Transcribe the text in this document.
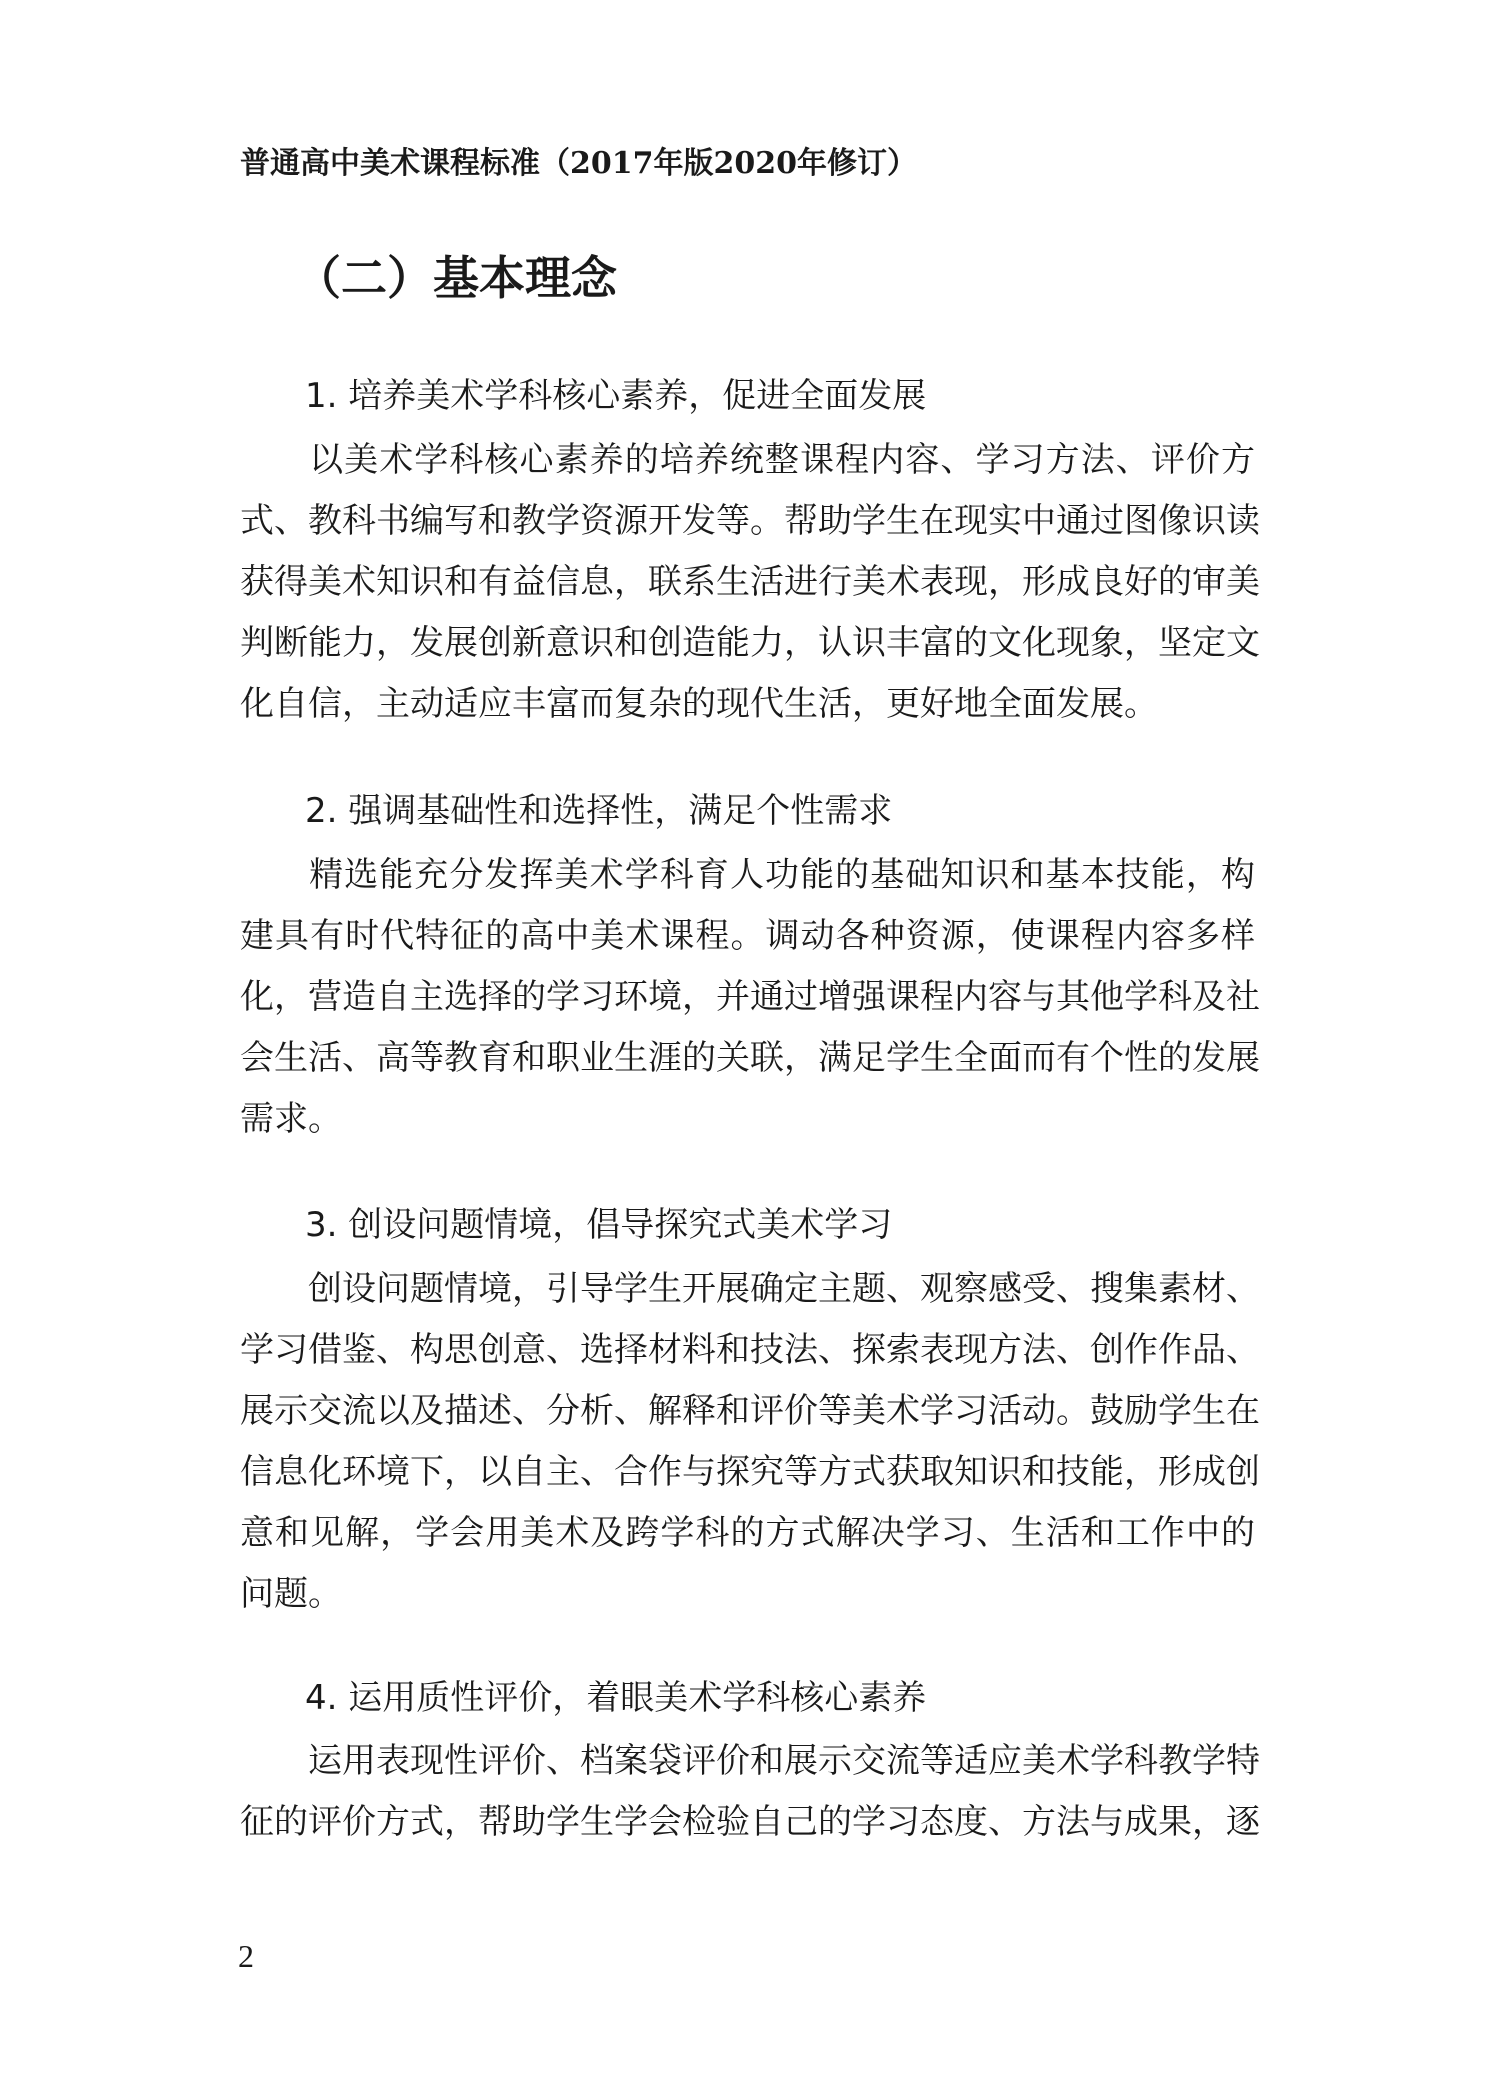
普通高中美术课程标准（2017年版2020年修订）
（二）基本理念
1. 培养美术学科核心素养，促进全面发展
以美术学科核心素养的培养统整课程内容、学习方法、评价方
式、教科书编写和教学资源开发等。帮助学生在现实中通过图像识读
获得美术知识和有益信息，联系生活进行美术表现，形成良好的审美
判断能力，发展创新意识和创造能力，认识丰富的文化现象，坚定文
化自信，主动适应丰富而复杂的现代生活，更好地全面发展。
2. 强调基础性和选择性，满足个性需求
精选能充分发挥美术学科育人功能的基础知识和基本技能，构
建具有时代特征的高中美术课程。调动各种资源，使课程内容多样
化，营造自主选择的学习环境，并通过增强课程内容与其他学科及社
会生活、高等教育和职业生涯的关联，满足学生全面而有个性的发展
需求。
3. 创设问题情境，倡导探究式美术学习
创设问题情境，引导学生开展确定主题、观察感受、搜集素材、
学习借鉴、构思创意、选择材料和技法、探索表现方法、创作作品、
展示交流以及描述、分析、解释和评价等美术学习活动。鼓励学生在
信息化环境下，以自主、合作与探究等方式获取知识和技能，形成创
意和见解，学会用美术及跨学科的方式解决学习、生活和工作中的
问题。
4. 运用质性评价，着眼美术学科核心素养
运用表现性评价、档案袋评价和展示交流等适应美术学科教学特
征的评价方式，帮助学生学会检验自己的学习态度、方法与成果，逐
2
